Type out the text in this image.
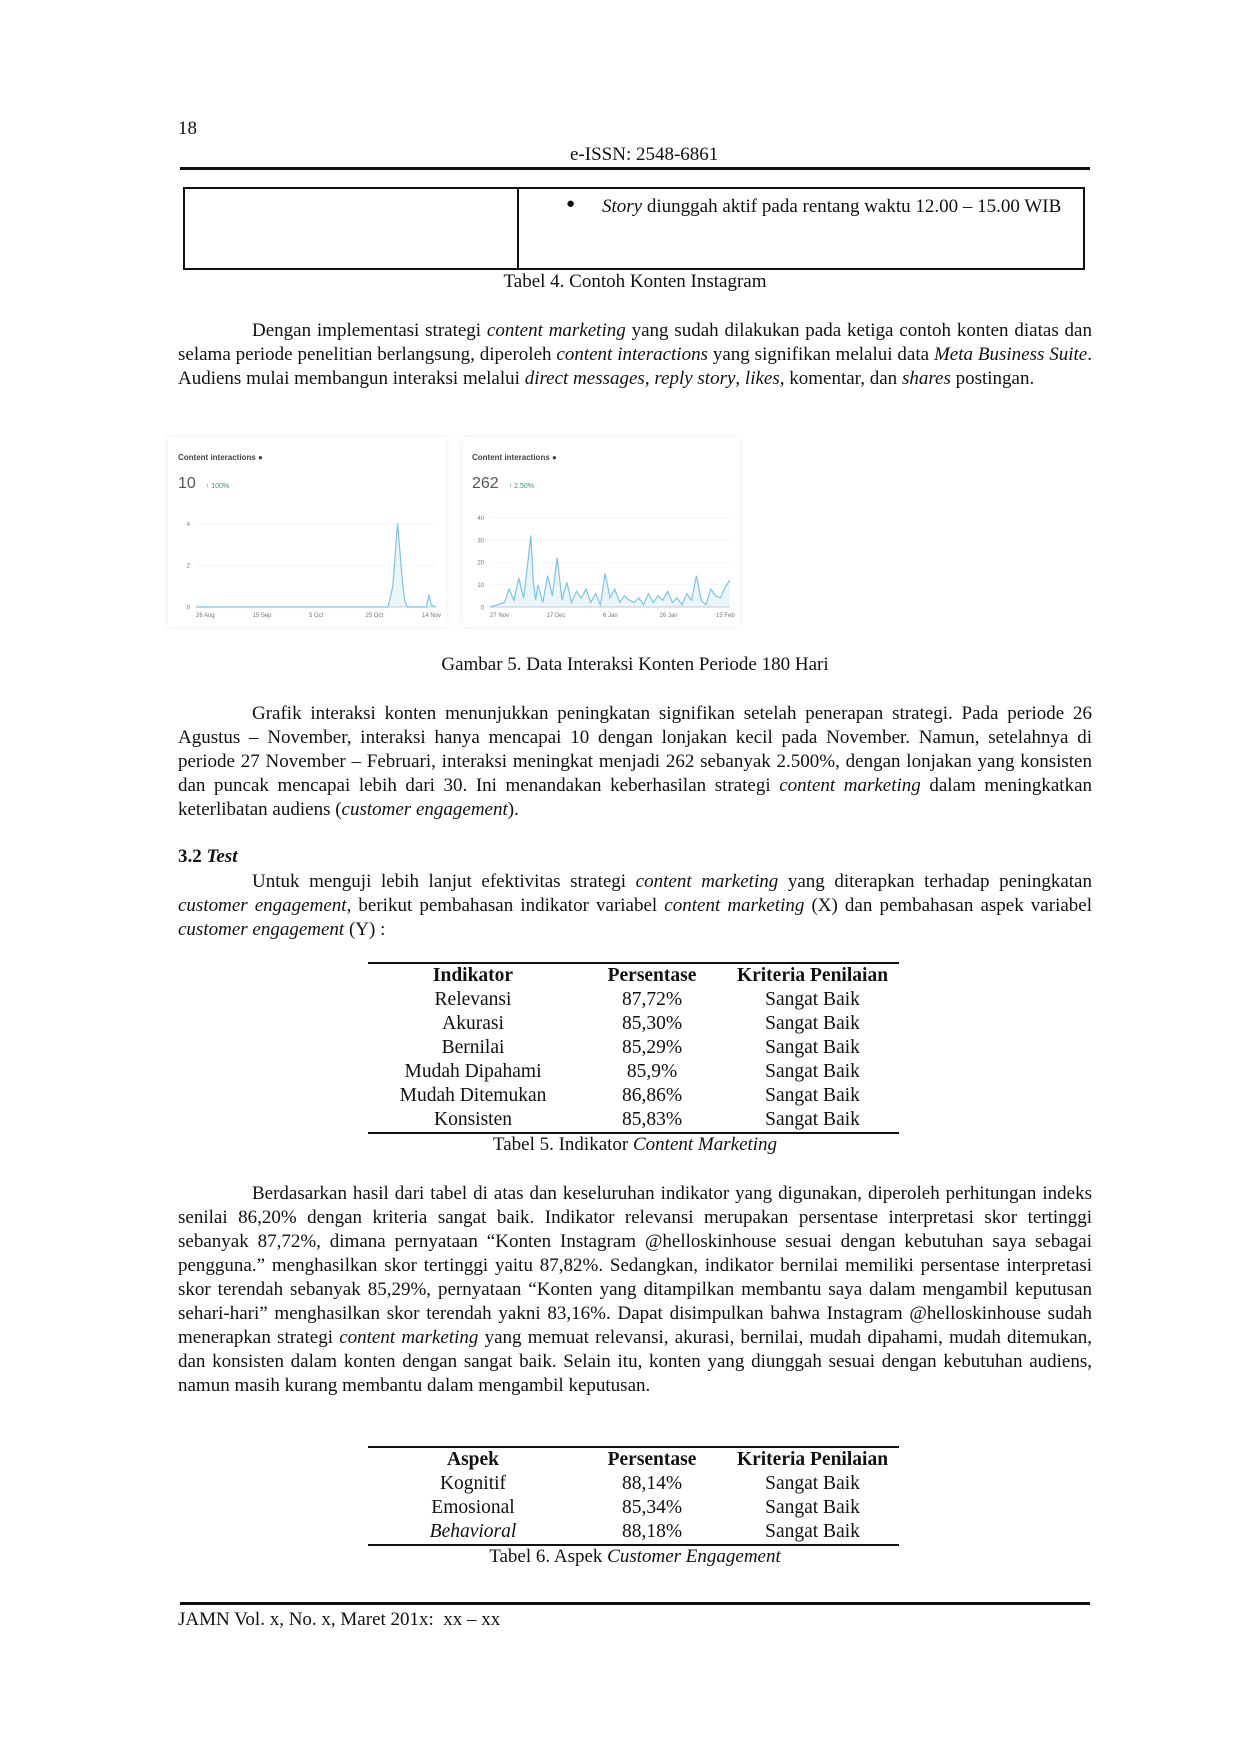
18
e-ISSN: 2548-6861
● Story diunggah aktif pada rentang waktu 12.00 – 15.00 WIB
Tabel 4. Contoh Konten Instagram

Dengan implementasi strategi content marketing yang sudah dilakukan pada ketiga contoh konten diatas dan selama periode penelitian berlangsung, diperoleh content interactions yang signifikan melalui data Meta Business Suite. Audiens mulai membangun interaksi melalui direct messages, reply story, likes, komentar, dan shares postingan.

Content interactions ●
10 ↑ 100%
0
2
4
26 Aug	15 Sep	5 Oct	25 Oct	14 Nov
Content interactions ●
262 ↑ 2.50%
0
10
20
30
40
27 Nov	17 Dec	6 Jan	26 Jan	15 Feb
Gambar 5. Data Interaksi Konten Periode 180 Hari

Grafik interaksi konten menunjukkan peningkatan signifikan setelah penerapan strategi. Pada periode 26 Agustus – November, interaksi hanya mencapai 10 dengan lonjakan kecil pada November. Namun, setelahnya di periode 27 November – Februari, interaksi meningkat menjadi 262 sebanyak 2.500%, dengan lonjakan yang konsisten dan puncak mencapai lebih dari 30. Ini menandakan keberhasilan strategi content marketing dalam meningkatkan keterlibatan audiens (customer engagement).

3.2 Test

Untuk menguji lebih lanjut efektivitas strategi content marketing yang diterapkan terhadap peningkatan customer engagement, berikut pembahasan indikator variabel content marketing (X) dan pembahasan aspek variabel customer engagement (Y) :

Indikator	Persentase	Kriteria Penilaian
Relevansi	87,72%	Sangat Baik
Akurasi	85,30%	Sangat Baik
Bernilai	85,29%	Sangat Baik
Mudah Dipahami	85,9%	Sangat Baik
Mudah Ditemukan	86,86%	Sangat Baik
Konsisten	85,83%	Sangat Baik
Tabel 5. Indikator Content Marketing

Berdasarkan hasil dari tabel di atas dan keseluruhan indikator yang digunakan, diperoleh perhitungan indeks senilai 86,20% dengan kriteria sangat baik. Indikator relevansi merupakan persentase interpretasi skor tertinggi sebanyak 87,72%, dimana pernyataan “Konten Instagram @helloskinhouse sesuai dengan kebutuhan saya sebagai pengguna.” menghasilkan skor tertinggi yaitu 87,82%. Sedangkan, indikator bernilai memiliki persentase interpretasi skor terendah sebanyak 85,29%, pernyataan “Konten yang ditampilkan membantu saya dalam mengambil keputusan sehari-hari” menghasilkan skor terendah yakni 83,16%. Dapat disimpulkan bahwa Instagram @helloskinhouse sudah menerapkan strategi content marketing yang memuat relevansi, akurasi, bernilai, mudah dipahami, mudah ditemukan, dan konsisten dalam konten dengan sangat baik. Selain itu, konten yang diunggah sesuai dengan kebutuhan audiens, namun masih kurang membantu dalam mengambil keputusan.

Aspek	Persentase	Kriteria Penilaian
Kognitif	88,14%	Sangat Baik
Emosional	85,34%	Sangat Baik
Behavioral	88,18%	Sangat Baik
Tabel 6. Aspek Customer Engagement
JAMN Vol. x, No. x, Maret 201x:  xx – xx
